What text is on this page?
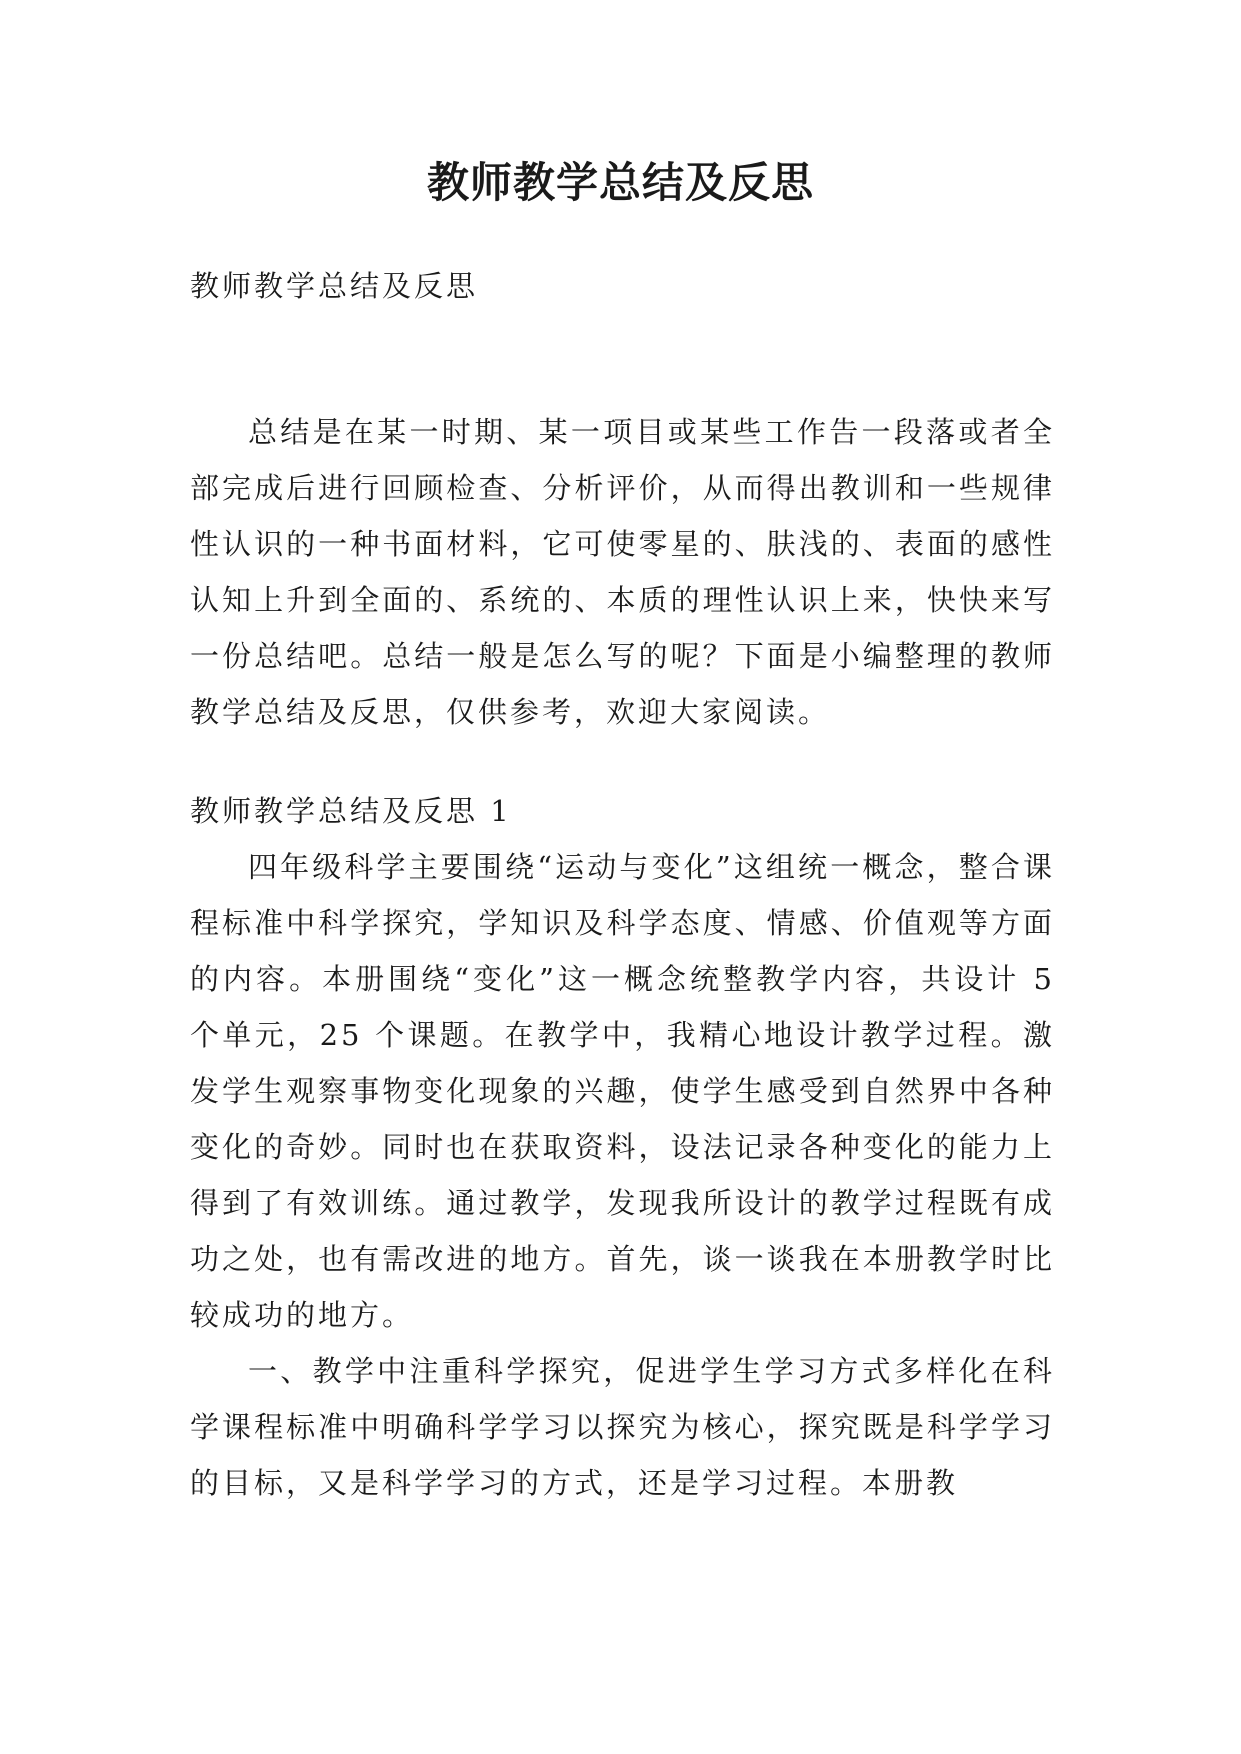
教师教学总结及反思

教师教学总结及反思

总结是在某一时期、某一项目或某些工作告一段落或者全部完成后进行回顾检查、分析评价，从而得出教训和一些规律性认识的一种书面材料，它可使零星的、肤浅的、表面的感性认知上升到全面的、系统的、本质的理性认识上来，快快来写一份总结吧。总结一般是怎么写的呢？下面是小编整理的教师教学总结及反思，仅供参考，欢迎大家阅读。

教师教学总结及反思 1

四年级科学主要围绕“运动与变化”这组统一概念，整合课程标准中科学探究，学知识及科学态度、情感、价值观等方面的内容。本册围绕“变化”这一概念统整教学内容，共设计 5 个单元，25 个课题。在教学中，我精心地设计教学过程。激发学生观察事物变化现象的兴趣，使学生感受到自然界中各种变化的奇妙。同时也在获取资料，设法记录各种变化的能力上得到了有效训练。通过教学，发现我所设计的教学过程既有成功之处，也有需改进的地方。首先，谈一谈我在本册教学时比较成功的地方。

一、教学中注重科学探究，促进学生学习方式多样化在科学课程标准中明确科学学习以探究为核心，探究既是科学学习的目标，又是科学学习的方式，还是学习过程。本册教
